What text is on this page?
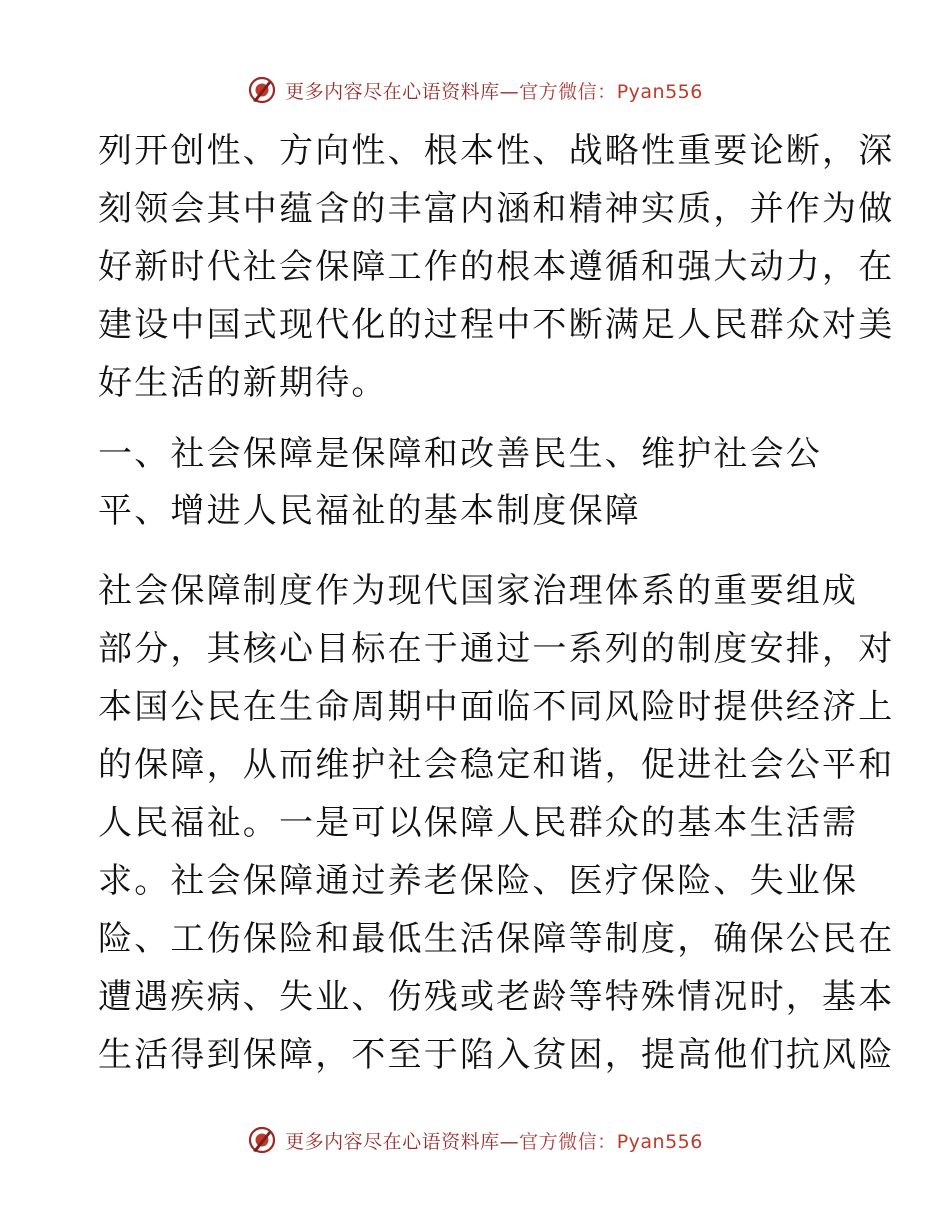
更多内容尽在心语资料库—官方微信：Pyan556
列开创性、方向性、根本性、战略性重要论断，深
刻领会其中蕴含的丰富内涵和精神实质，并作为做
好新时代社会保障工作的根本遵循和强大动力，在
建设中国式现代化的过程中不断满足人民群众对美
好生活的新期待。
一、社会保障是保障和改善民生、维护社会公
平、增进人民福祉的基本制度保障
社会保障制度作为现代国家治理体系的重要组成
部分，其核心目标在于通过一系列的制度安排，对
本国公民在生命周期中面临不同风险时提供经济上
的保障，从而维护社会稳定和谐，促进社会公平和
人民福祉。一是可以保障人民群众的基本生活需
求。社会保障通过养老保险、医疗保险、失业保
险、工伤保险和最低生活保障等制度，确保公民在
遭遇疾病、失业、伤残或老龄等特殊情况时，基本
生活得到保障，不至于陷入贫困，提高他们抗风险
更多内容尽在心语资料库—官方微信：Pyan556
